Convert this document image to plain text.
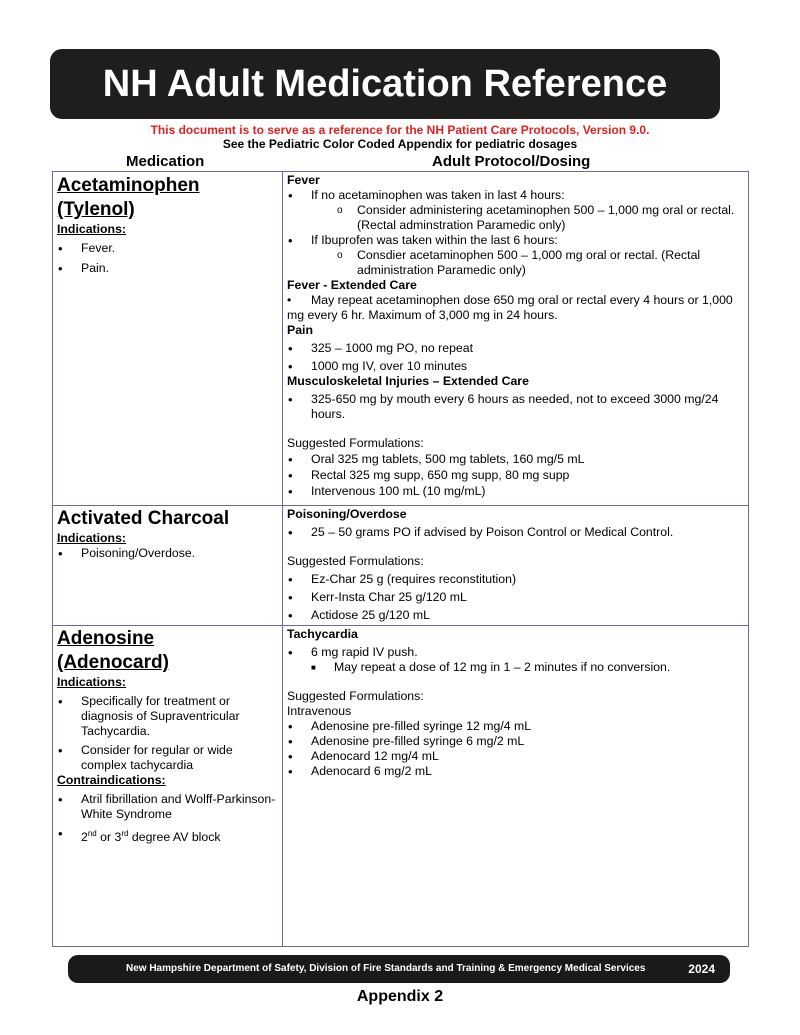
NH Adult Medication Reference
This document is to serve as a reference for the NH Patient Care Protocols, Version 9.0.
See the Pediatric Color Coded Appendix for pediatric dosages
Medication	Adult Protocol/Dosing
Acetaminophen
(Tylenol)
Indications:
• Fever.
• Pain.
Fever
• If no acetaminophen was taken in last 4 hours:
o Consider administering acetaminophen 500 – 1,000 mg oral or rectal. (Rectal adminstration Paramedic only)
• If Ibuprofen was taken within the last 6 hours:
o Consdier acetaminophen 500 – 1,000 mg oral or rectal. (Rectal administration Paramedic only)
Fever - Extended Care
• May repeat acetaminophen dose 650 mg oral or rectal every 4 hours or 1,000 mg every 6 hr. Maximum of 3,000 mg in 24 hours.
Pain
• 325 – 1000 mg PO, no repeat
• 1000 mg IV, over 10 minutes
Musculoskeletal Injuries – Extended Care
• 325-650 mg by mouth every 6 hours as needed, not to exceed 3000 mg/24 hours.
Suggested Formulations:
• Oral 325 mg tablets, 500 mg tablets, 160 mg/5 mL
• Rectal 325 mg supp, 650 mg supp, 80 mg supp
• Intervenous 100 mL (10 mg/mL)
Activated Charcoal
Indications:
• Poisoning/Overdose.
Poisoning/Overdose
• 25 – 50 grams PO if advised by Poison Control or Medical Control.
Suggested Formulations:
• Ez-Char 25 g (requires reconstitution)
• Kerr-Insta Char 25 g/120 mL
• Actidose 25 g/120 mL
Adenosine
(Adenocard)
Indications:
• Specifically for treatment or diagnosis of Supraventricular Tachycardia.
• Consider for regular or wide complex tachycardia
Contraindications:
• Atril fibrillation and Wolff-Parkinson-White Syndrome
• 2nd or 3rd degree AV block
Tachycardia
• 6 mg rapid IV push.
■ May repeat a dose of 12 mg in 1 – 2 minutes if no conversion.
Suggested Formulations:
Intravenous
• Adenosine pre-filled syringe 12 mg/4 mL
• Adenosine pre-filled syringe 6 mg/2 mL
• Adenocard 12 mg/4 mL
• Adenocard 6 mg/2 mL
New Hampshire Department of Safety, Division of Fire Standards and Training & Emergency Medical Services	2024
Appendix 2
